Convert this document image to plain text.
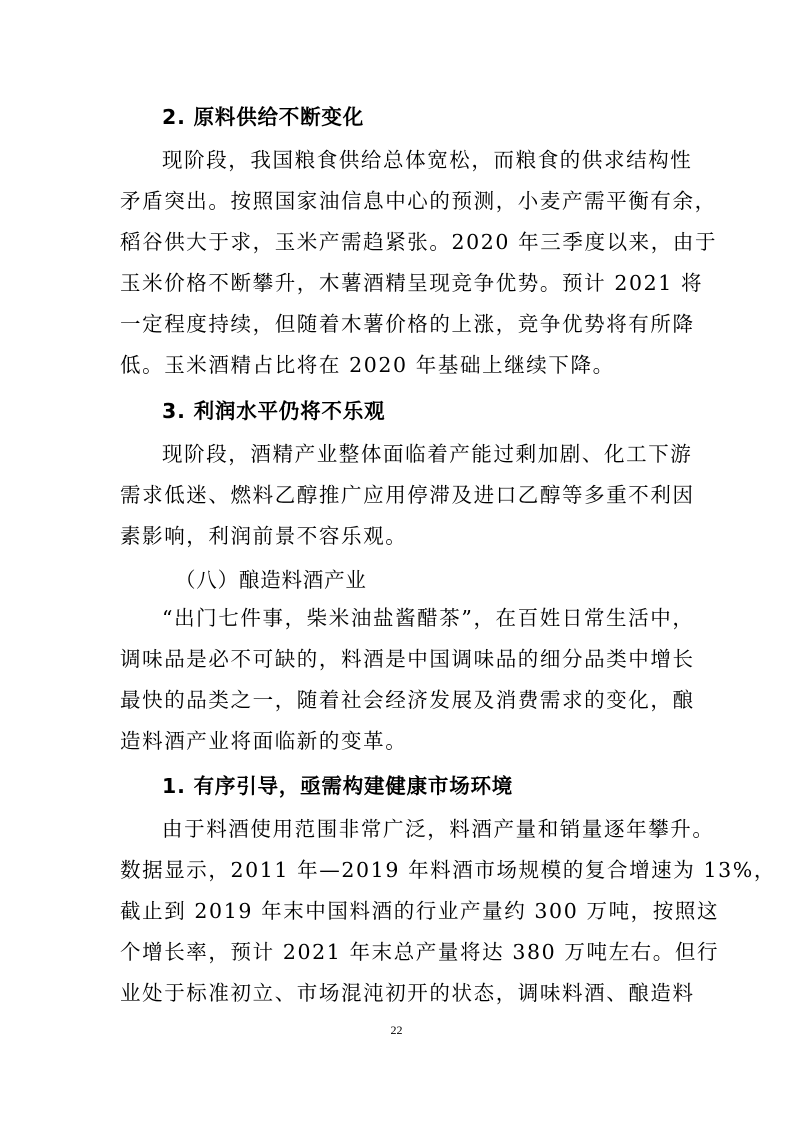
2. 原料供给不断变化
现阶段，我国粮食供给总体宽松，而粮食的供求结构性
矛盾突出。按照国家油信息中心的预测，小麦产需平衡有余，
稻谷供大于求，玉米产需趋紧张。2020 年三季度以来，由于
玉米价格不断攀升，木薯酒精呈现竞争优势。预计 2021 将
一定程度持续，但随着木薯价格的上涨，竞争优势将有所降
低。玉米酒精占比将在 2020 年基础上继续下降。
3. 利润水平仍将不乐观
现阶段，酒精产业整体面临着产能过剩加剧、化工下游
需求低迷、燃料乙醇推广应用停滞及进口乙醇等多重不利因
素影响，利润前景不容乐观。
（八）酿造料酒产业
“出门七件事，柴米油盐酱醋茶”，在百姓日常生活中，
调味品是必不可缺的，料酒是中国调味品的细分品类中增长
最快的品类之一，随着社会经济发展及消费需求的变化，酿
造料酒产业将面临新的变革。
1. 有序引导，亟需构建健康市场环境
由于料酒使用范围非常广泛，料酒产量和销量逐年攀升。
数据显示，2011 年—2019 年料酒市场规模的复合增速为 13%，
截止到 2019 年末中国料酒的行业产量约 300 万吨，按照这
个增长率，预计 2021 年末总产量将达 380 万吨左右。但行
业处于标准初立、市场混沌初开的状态，调味料酒、酿造料
22
